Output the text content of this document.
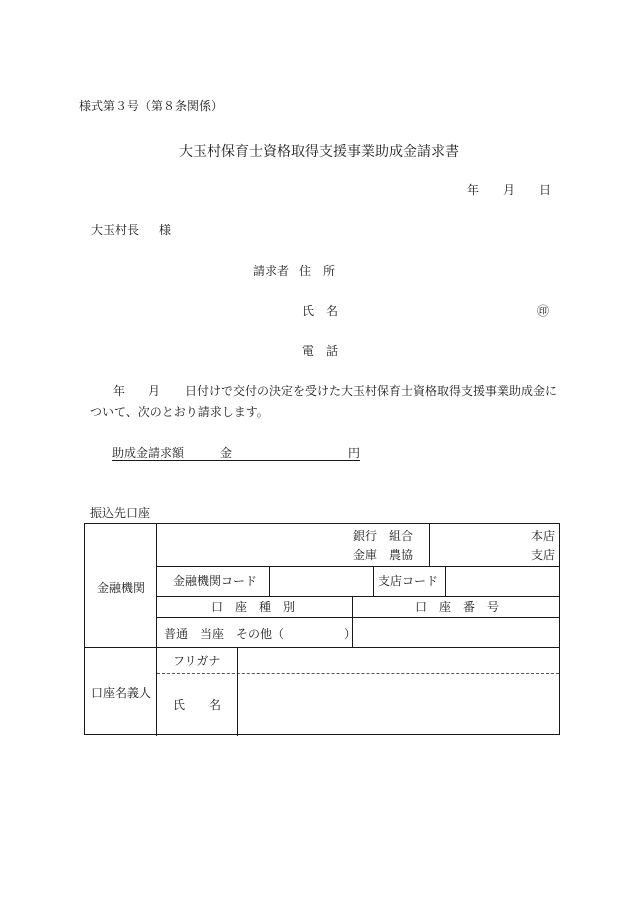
様式第３号（第８条関係）
大玉村保育士資格取得支援事業助成金請求書
年 月 日
大玉村長 様
請求者 住　所
氏　名	㊞
電　話
年 月 日付けで交付の決定を受けた大玉村保育士資格取得支援事業助成金に
ついて、次のとおり請求します。
助成金請求額	金	円
振込先口座
金融機関
銀行　組合
金庫　農協
本店
支店
金融機関コード	支店コード
口　座　種　別	口　座　番　号
普通　当座　その他（　　　　　）
口座名義人
フリガナ
氏　　名
